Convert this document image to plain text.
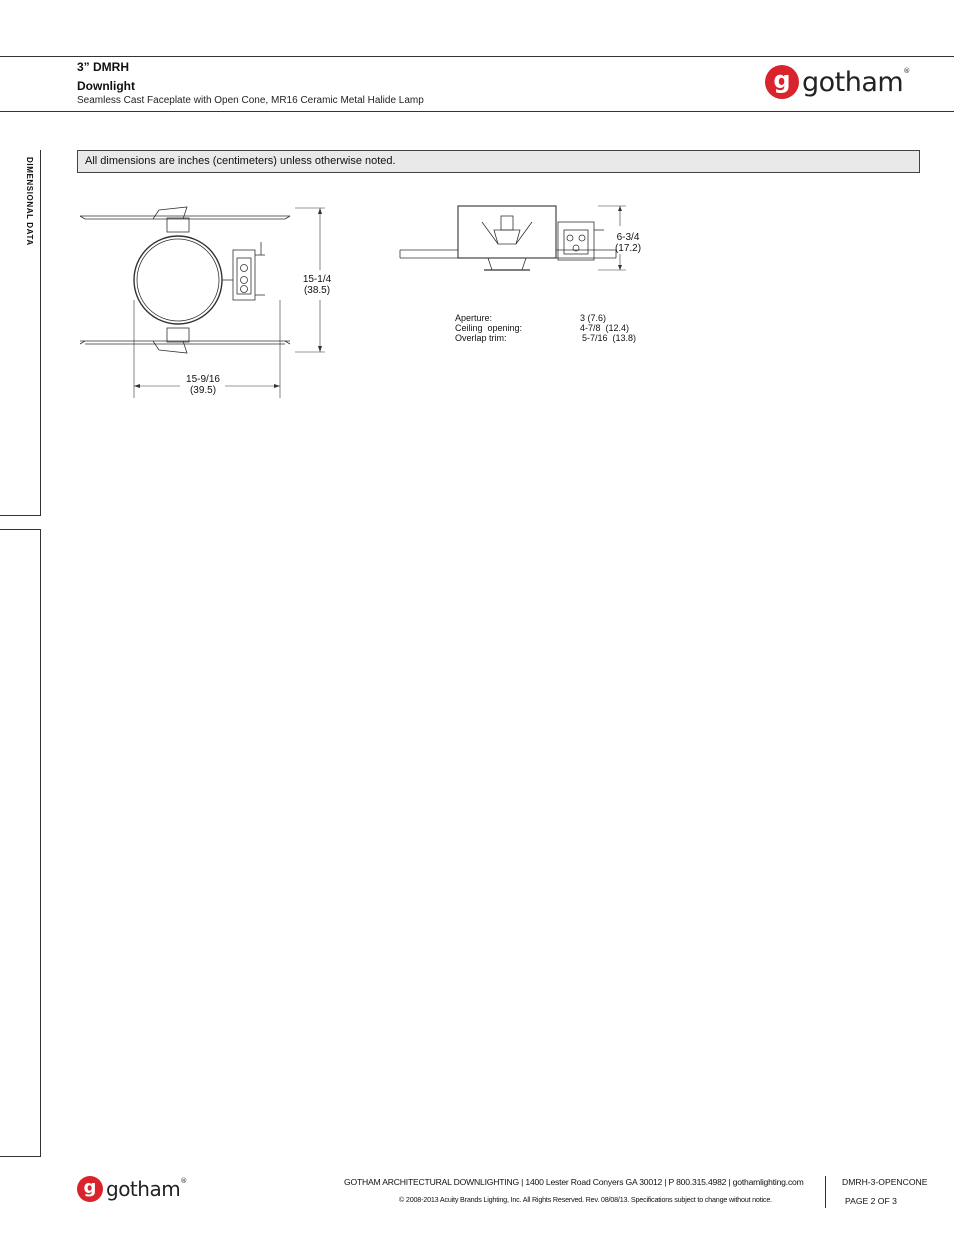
3” DMRH
Downlight
Seamless Cast Faceplate with Open Cone, MR16 Ceramic Metal Halide Lamp
g gotham®
DIMENSIONAL DATA	All dimensions are inches (centimeters) unless otherwise noted.
15-1/4
(38.5)
15-9/16
(39.5)
6-3/4
(17.2)
Aperture:	3 (7.6)
Ceiling  opening:	4-7/8  (12.4)
Overlap trim:	5-7/16  (13.8)
g gotham®	GOTHAM ARCHITECTURAL DOWNLIGHTING | 1400 Lester Road Conyers GA 30012 | P 800.315.4982 | gothamlighting.com
© 2008-2013 Acuity Brands Lighting, Inc. All Rights Reserved. Rev. 08/08/13. Specifications subject to change without notice.
DMRH-3-OPENCONE
PAGE 2 OF 3
